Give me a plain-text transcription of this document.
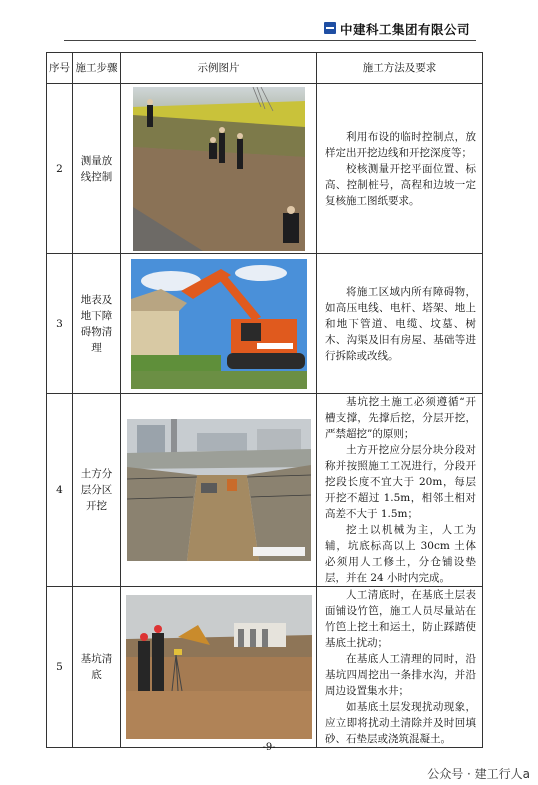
中建科工集团有限公司
序号	施工步骤	示例图片	施工方法及要求
2	测量放线控制		利用布设的临时控制点，放样定出开挖边线和开挖深度等；

校核测量开挖平面位置、标高、控制桩号，高程和边坡一定复核施工图纸要求。

3	地表及地下障碍物清理		将施工区域内所有障碍物，如高压电线、电杆、塔架、地上和地下管道、电缆、坟墓、树木、沟渠及旧有房屋、基础等进行拆除或改线。

4	土方分层分区开挖		基坑挖土施工必须遵循“开槽支撑，先撑后挖，分层开挖，严禁超挖”的原则；

土方开挖应分层分块分段对称并按照施工工况进行，分段开挖段长度不宜大于 20m，每层开挖不超过 1.5m，相邻土相对高差不大于 1.5m；

挖土以机械为主，人工为辅，坑底标高以上 30cm 土体必须用人工修土，分仓铺设垫层，并在 24 小时内完成。

5	基坑清底		人工清底时，在基底土层表面铺设竹笆，施工人员尽量站在竹笆上挖土和运土，防止踩踏使基底土扰动；

在基底人工清理的同时，沿基坑四周挖出一条排水沟，并沿周边设置集水井；

如基底土层发现扰动现象，应立即将扰动土清除并及时回填砂、石垫层或浇筑混凝土。

-9-
公众号 · 建工行人a
